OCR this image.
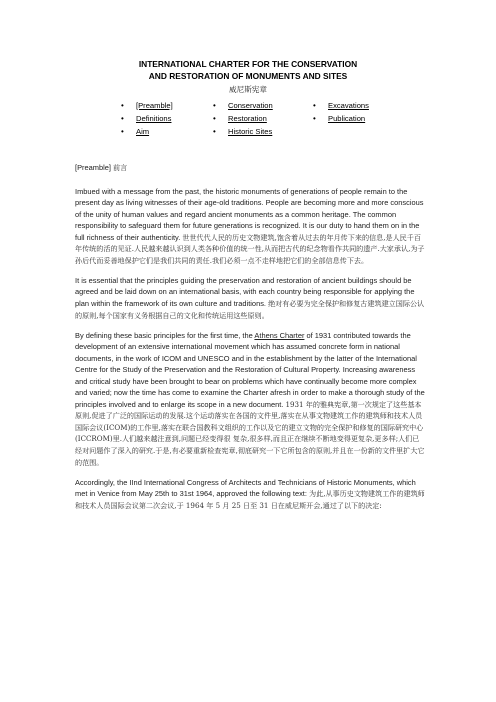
INTERNATIONAL CHARTER FOR THE CONSERVATION
AND RESTORATION OF MONUMENTS AND SITES
威尼斯宪章
• [Preamble]
• Definitions
• Aim
• Conservation
• Restoration
• Historic Sites
• Excavations
• Publication

[Preamble] 前言

Imbued with a message from the past, the historic monuments of generations of people remain to the present day as living witnesses of their age-old traditions. People are becoming more and more conscious of the unity of human values and regard ancient monuments as a common heritage. The common responsibility to safeguard them for future generations is recognized. It is our duty to hand them on in the full richness of their authenticity. 世世代代人民的历史文物建筑,饱含着从过去的年月传下来的信息,是人民千百年传统的活的见证.人民越来越认识到人类各种价值的统一性,从而把古代的纪念物看作共同的遗产.大家承认,为子孙后代而妥善地保护它们是我们共同的责任.我们必须一点不走样地把它们的全部信息传下去。

It is essential that the principles guiding the preservation and restoration of ancient buildings should be agreed and be laid down on an international basis, with each country being responsible for applying the plan within the framework of its own culture and traditions. 绝对有必要为完全保护和修复古建筑建立国际公认的原则,每个国家有义务根据自己的文化和传统运用这些原则。

By defining these basic principles for the first time, the Athens Charter of 1931 contributed towards the development of an extensive international movement which has assumed concrete form in national documents, in the work of ICOM and UNESCO and in the establishment by the latter of the International Centre for the Study of the Preservation and the Restoration of Cultural Property. Increasing awareness and critical study have been brought to bear on problems which have continually become more complex and varied; now the time has come to examine the Charter afresh in order to make a thorough study of the principles involved and to enlarge its scope in a new document. 1931 年的雅典宪章,第一次规定了这些基本原则,促进了广泛的国际运动的发展.这个运动落实在各国的文件里,落实在从事文物建筑工作的建筑师和技术人员国际会议(ICOM)的工作里,落实在联合国教科文组织的工作以及它的建立文物的完全保护和修复的国际研究中心(ICCROM)里.人们越来越注意到,问题已经变得很 复杂,很多样,而且正在继续不断地变得更复杂,更多样;人们已经对问题作了深入的研究.于是,有必要重新检查宪章,彻底研究一下它所包含的原则,并且在一份新的文件里扩大它的范围。

Accordingly, the IInd International Congress of Architects and Technicians of Historic Monuments, which met in Venice from May 25th to 31st 1964, approved the following text: 为此,从事历史文物建筑工作的建筑师和技术人员国际会议第二次会议,于 1964 年 5 月 25 日至 31 日在威尼斯开会,通过了以下的决定:
